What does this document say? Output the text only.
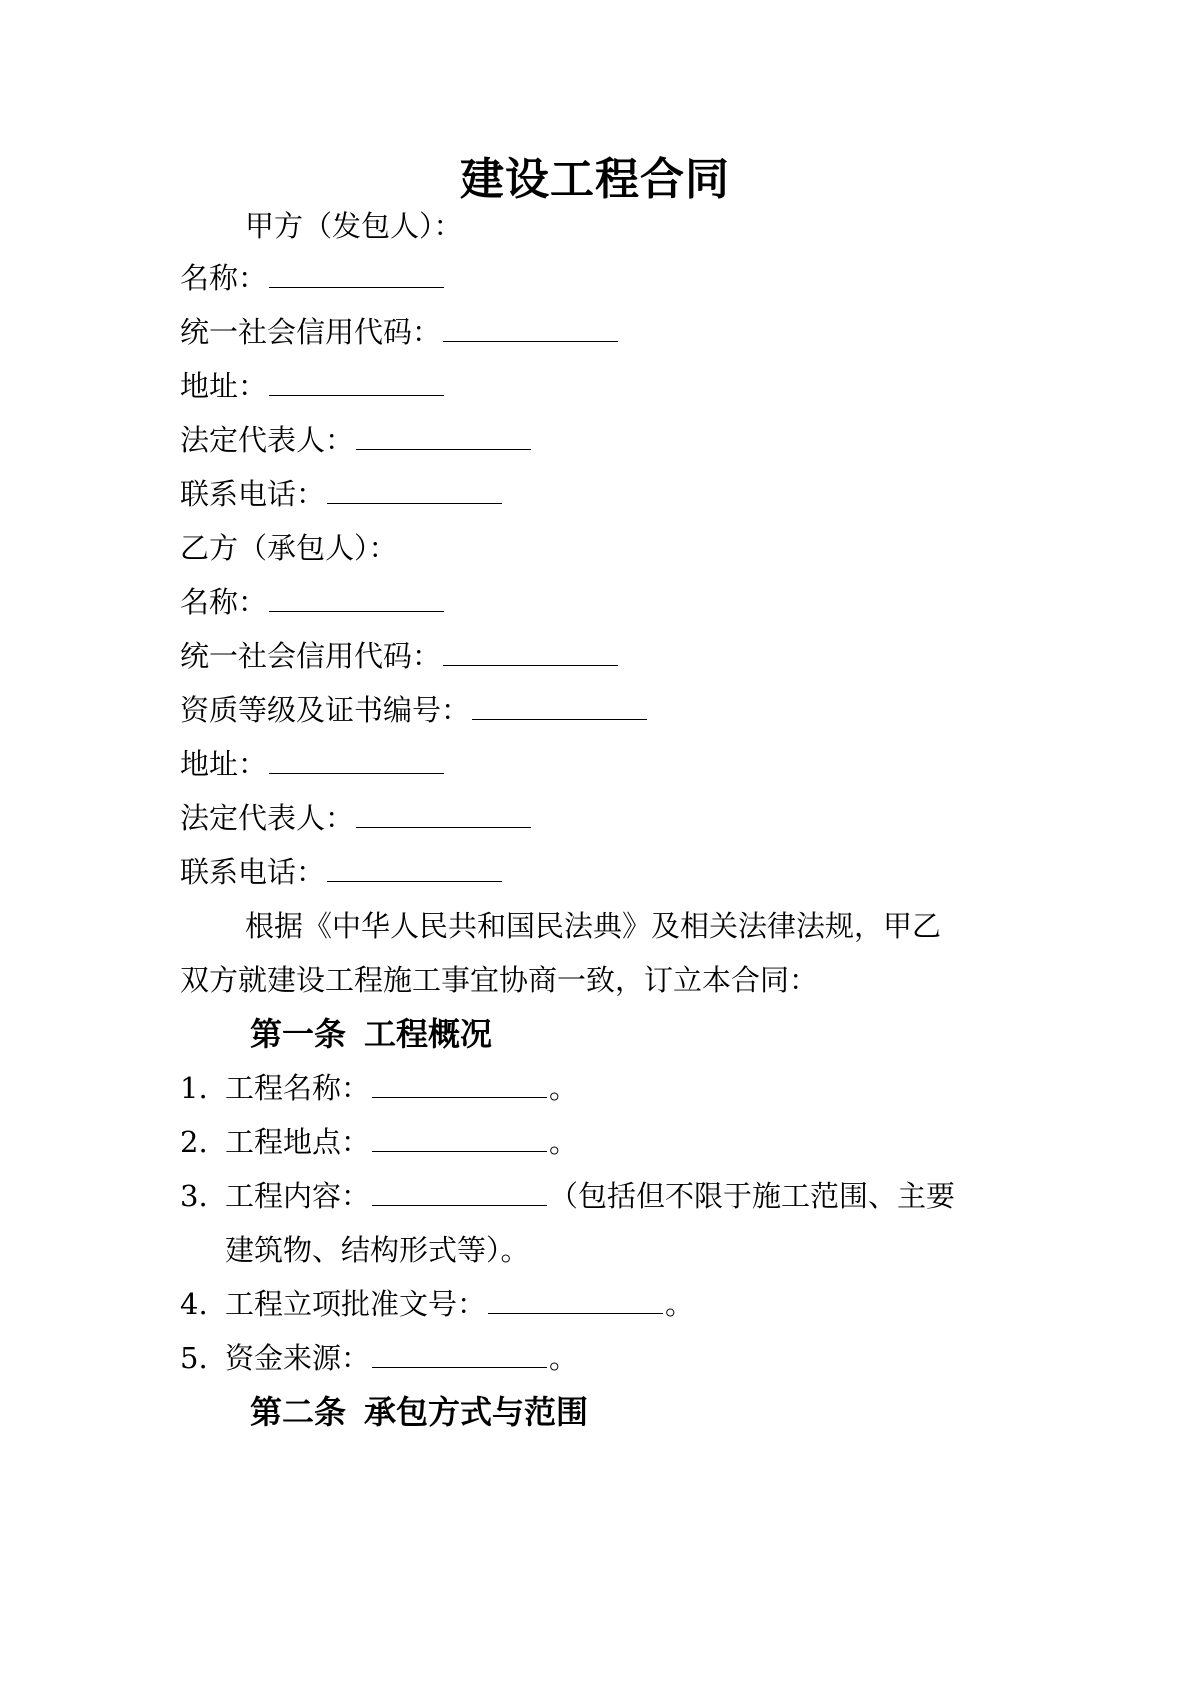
建设工程合同
甲方（发包人）：
名称：
统一社会信用代码：
地址：
法定代表人：
联系电话：
乙方（承包人）：
名称：
统一社会信用代码：
资质等级及证书编号：
地址：
法定代表人：
联系电话：
根据《中华人民共和国民法典》及相关法律法规，甲乙
双方就建设工程施工事宜协商一致，订立本合同：
第一条 工程概况
1. 工程名称：	。
2. 工程地点：	。
3. 工程内容：	（包括但不限于施工范围、主要
建筑物、结构形式等）。
4. 工程立项批准文号：	。
5. 资金来源：	。
第二条 承包方式与范围
